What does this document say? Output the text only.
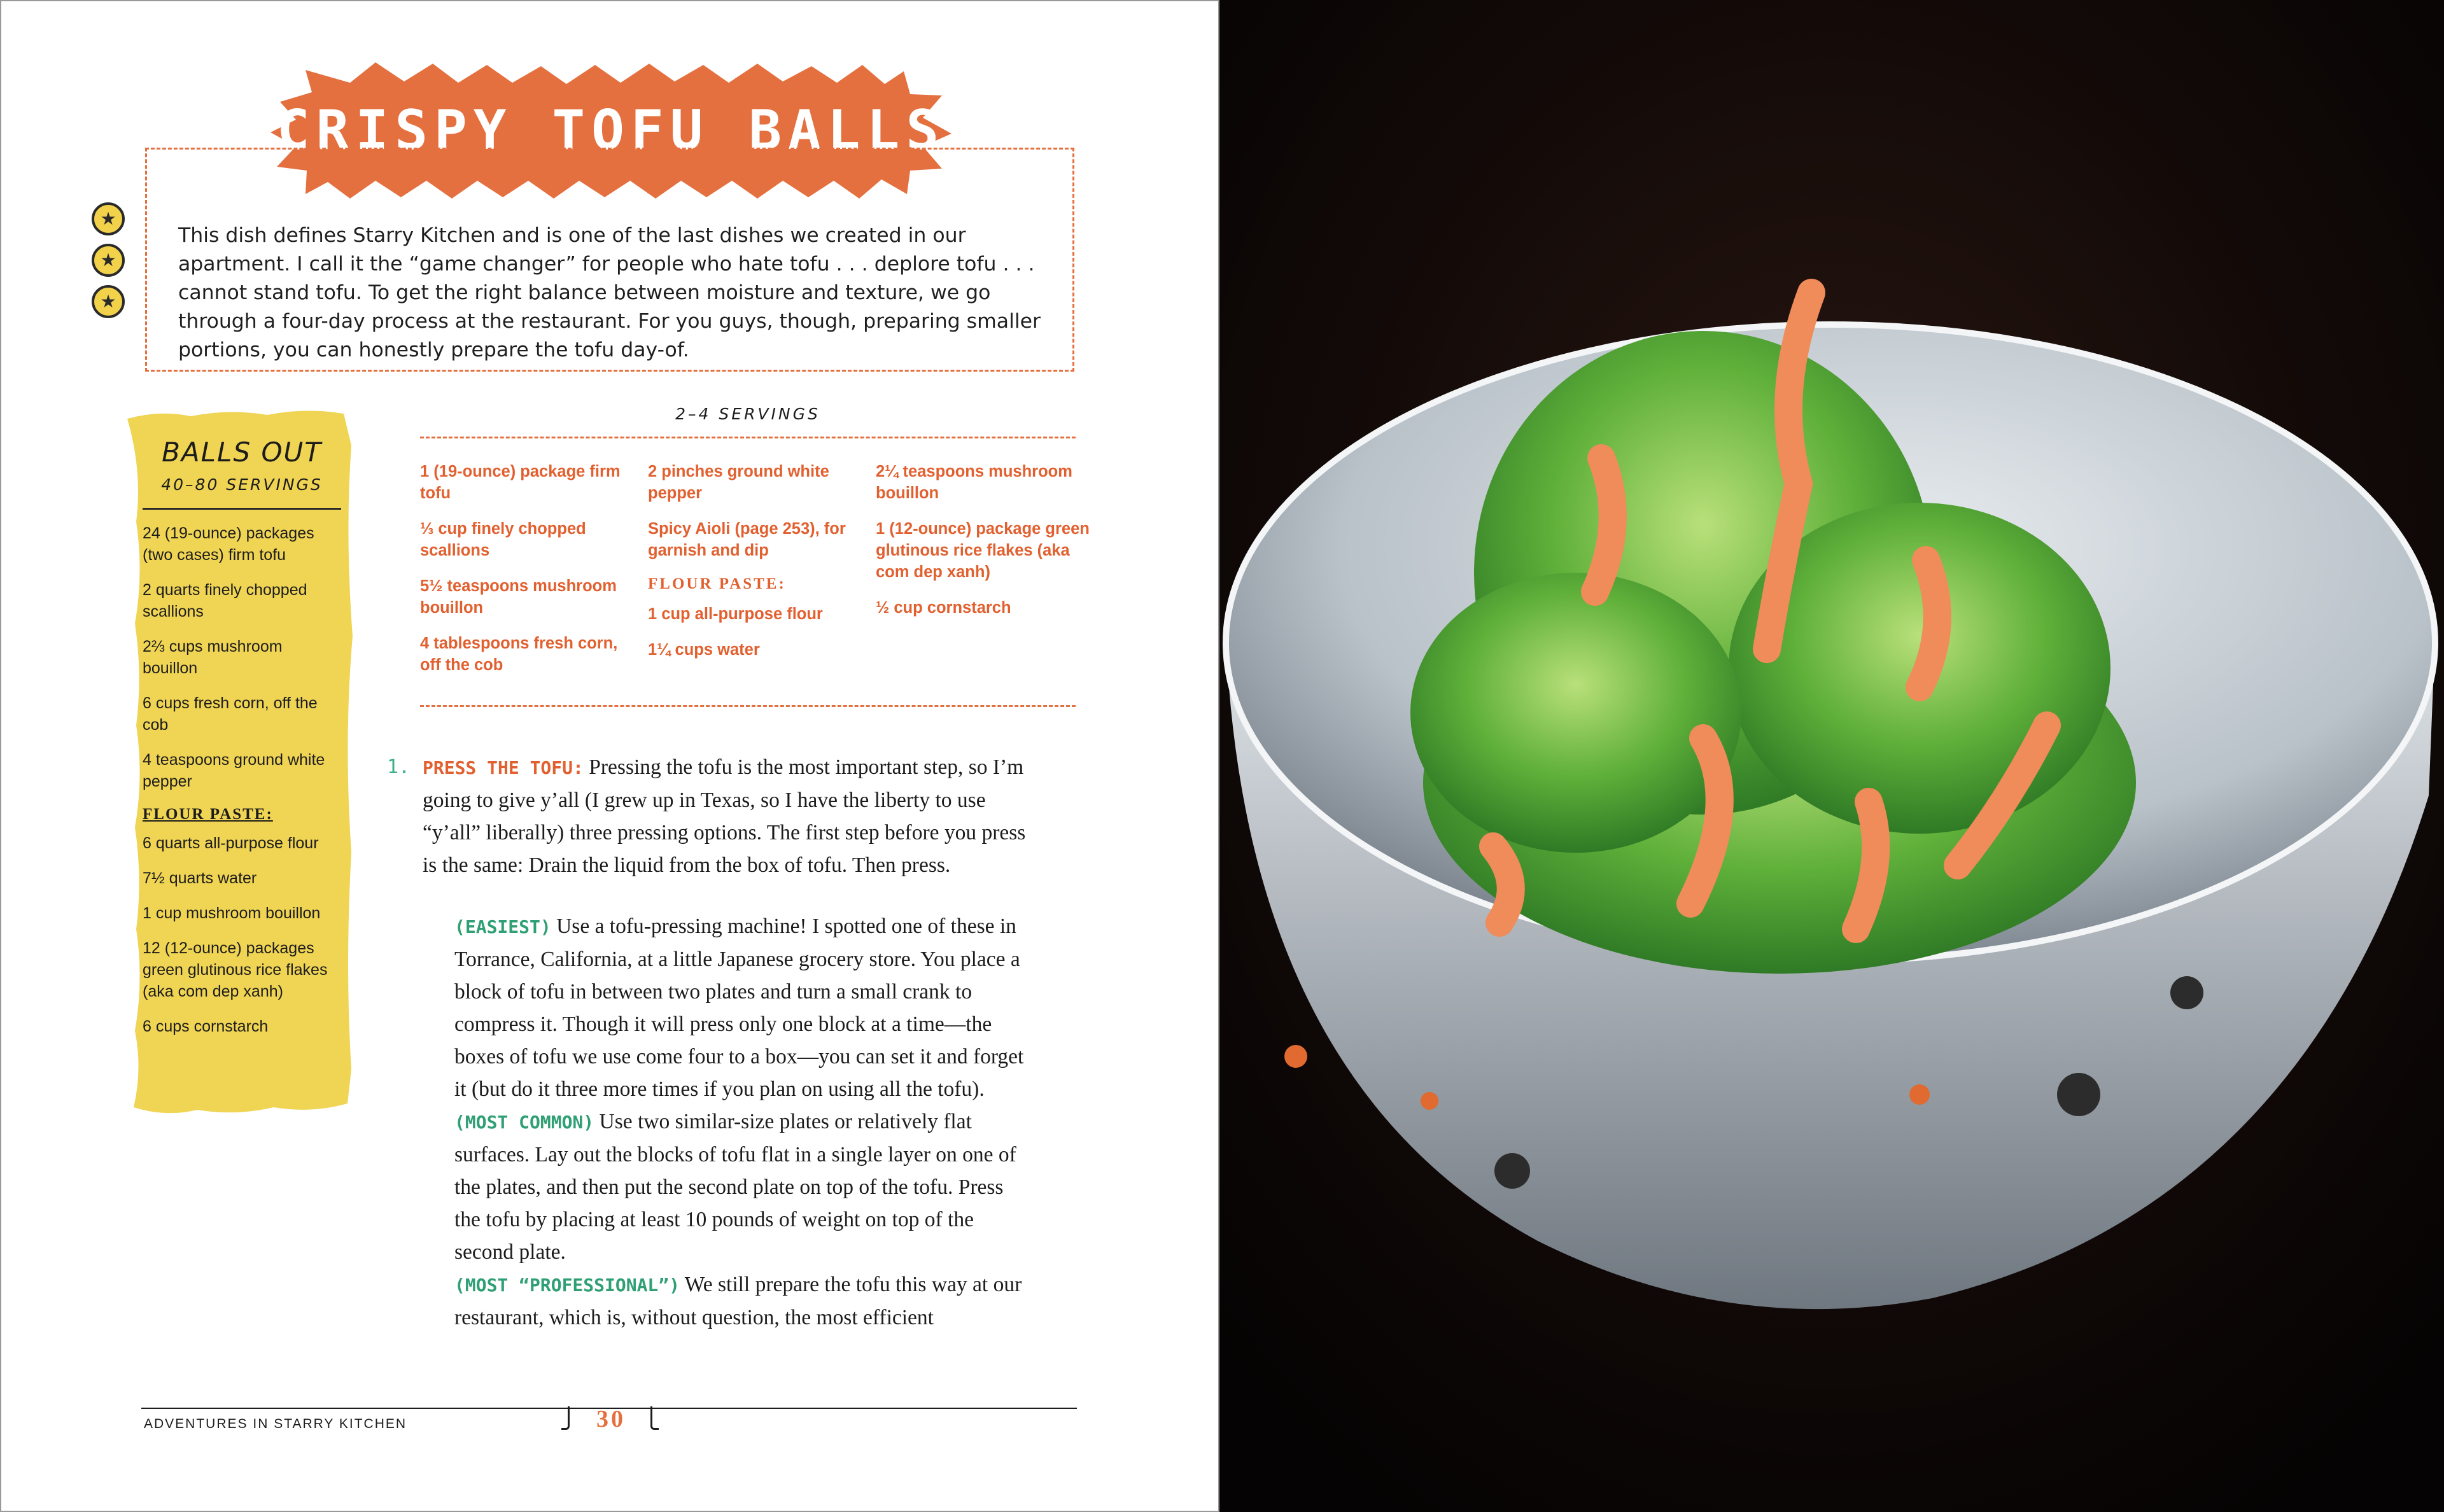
CRISPY TOFU BALLS
This dish defines Starry Kitchen and is one of the last dishes we created in our apartment. I call it the “game changer” for people who hate tofu . . . deplore tofu . . . cannot stand tofu. To get the right balance between moisture and texture, we go through a four-day process at the restaurant. For you guys, though, preparing smaller portions, you can honestly prepare the tofu day-of.
★
★
★
BALLS OUT
40–80 SERVINGS
24 (19-ounce) packages (two cases) firm tofu
2 quarts finely chopped scallions
2⅔ cups mushroom bouillon
6 cups fresh corn, off the cob
4 teaspoons ground white pepper
FLOUR PASTE:
6 quarts all-purpose flour
7½ quarts water
1 cup mushroom bouillon
12 (12-ounce) packages green glutinous rice flakes (aka com dep xanh)
6 cups cornstarch
2–4 SERVINGS
1 (19-ounce) package firm tofu
⅓ cup finely chopped scallions
5½ teaspoons mushroom bouillon
4 tablespoons fresh corn, off the cob
2 pinches ground white pepper
Spicy Aioli (page 253), for garnish and dip
FLOUR PASTE:
1 cup all-purpose flour
1¼ cups water
2¼ teaspoons mushroom bouillon
1 (12-ounce) package green glutinous rice flakes (aka com dep xanh)
½ cup cornstarch
1. PRESS THE TOFU: Pressing the tofu is the most important step, so I’m going to give y’all (I grew up in Texas, so I have the liberty to use “y’all” liberally) three pressing options. The first step before you press is the same: Drain the liquid from the box of tofu. Then press.

(EASIEST) Use a tofu-pressing machine! I spotted one of these in Torrance, California, at a little Japanese grocery store. You place a block of tofu in between two plates and turn a small crank to compress it. Though it will press only one block at a time—the boxes of tofu we use come four to a box—you can set it and forget it (but do it three more times if you plan on using all the tofu).

(MOST COMMON) Use two similar-size plates or relatively flat surfaces. Lay out the blocks of tofu flat in a single layer on one of the plates, and then put the second plate on top of the tofu. Press the tofu by placing at least 10 pounds of weight on top of the second plate.

(MOST “PROFESSIONAL”) We still prepare the tofu this way at our restaurant, which is, without question, the most efficient

ADVENTURES IN STARRY KITCHEN	30
